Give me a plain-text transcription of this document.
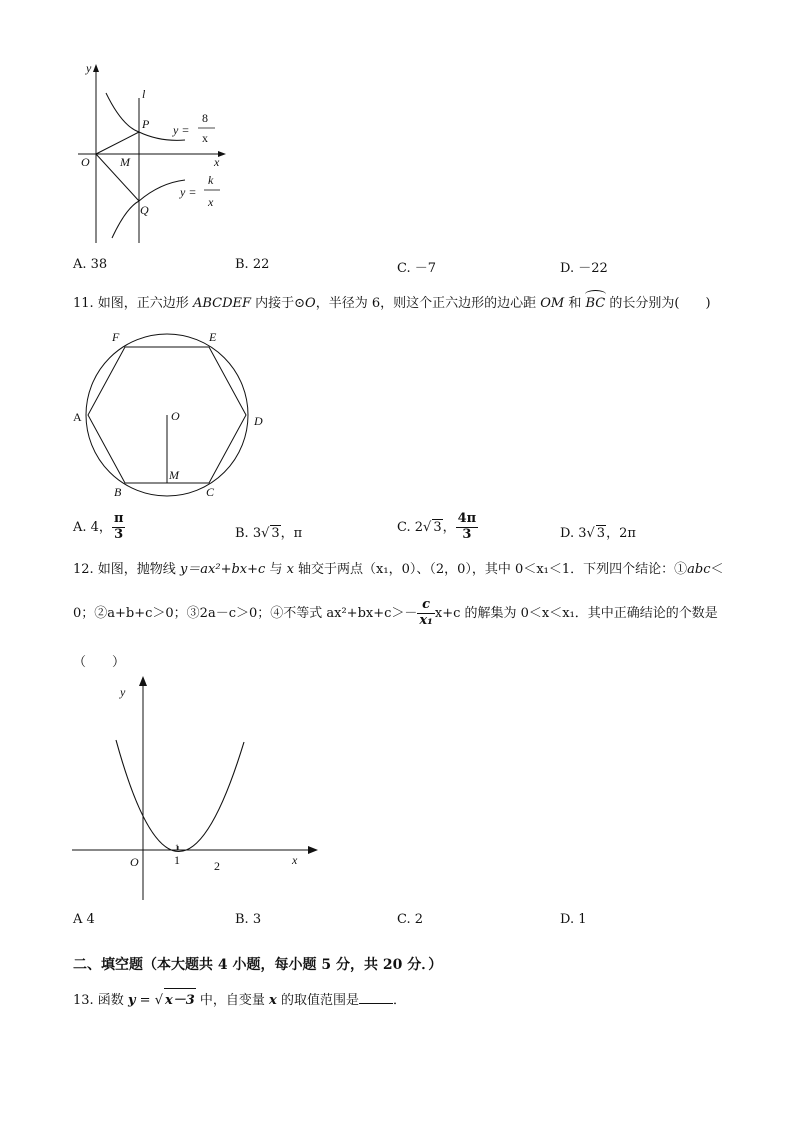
y
l
P
O	M	x
Q
y =
8
x
y =
k
x
A. 38	B. 22	C. －7	D. －22
11. 如图，正六边形 ABCDEF 内接于⊙O，半径为 6，则这个正六边形的边心距 OM 和 BC 的长分别为(　　)
F	E
A	D
O
M
B	C
A. 4， $\frac{\pi}{3}$	B. 3√ 3，π	C. 2√ 3， $\frac{4\pi}{3}$	D. 3√ 3，2π
12. 如图，抛物线 y＝ax²+bx+c 与 x 轴交于两点（x₁，0）、（2，0），其中 0＜x₁＜1．下列四个结论：①abc＜
0；②a+b+c＞0；③2a－c＞0；④不等式 $ax^2+bx+c>- \frac{c}{\text{x₁}} x+c$ 的解集为 0＜x＜x₁．其中正确结论的个数是
（　　）
y
O
1
1	2	x
A 4	B. 3	C. 2	D. 1
二、填空题（本大题共 4 小题，每小题 5 分，共 20 分．）
13. 函数 y = √ x－3 中，自变量 x 的取值范围是	．
